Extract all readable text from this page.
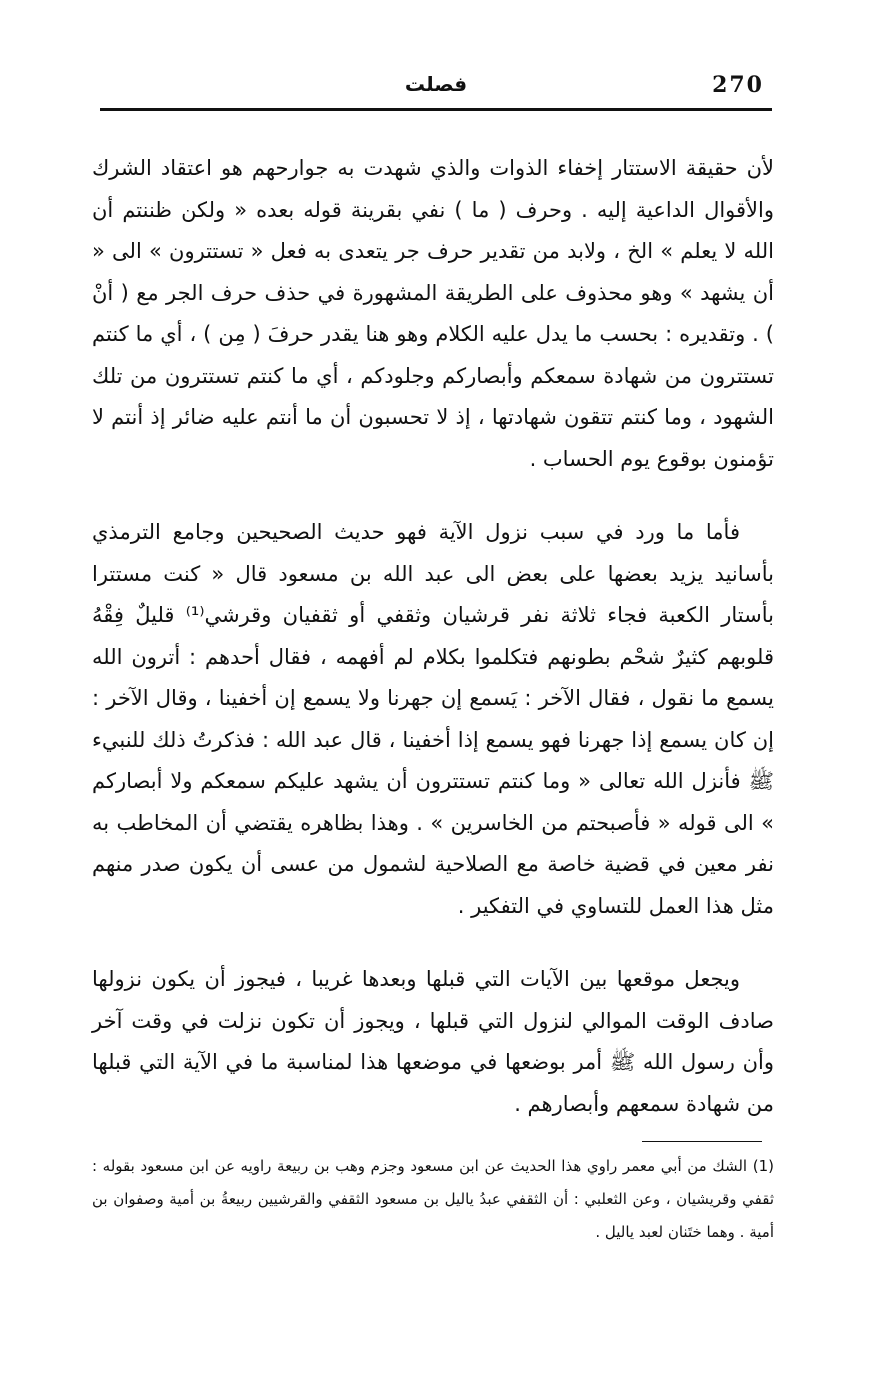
270
فصلت

لأن حقيقة الاستتار إخفاء الذوات والذي شهدت به جوارحهم هو اعتقاد الشرك والأقوال الداعية إليه . وحرف ( ما ) نفي بقرينة قوله بعده « ولكن ظننتم أن الله لا يعلم » الخ ، ولابد من تقدير حرف جر يتعدى به فعل « تستترون » الى « أن يشهد » وهو محذوف على الطريقة المشهورة في حذف حرف الجر مع ( أنْ ) . وتقديره : بحسب ما يدل عليه الكلام وهو هنا يقدر حرفَ ( مِن ) ، أي ما كنتم تستترون من شهادة سمعكم وأبصاركم وجلودكم ، أي ما كنتم تستترون من تلك الشهود ، وما كنتم تتقون شهادتها ، إذ لا تحسبون أن ما أنتم عليه ضائر إذ أنتم لا تؤمنون بوقوع يوم الحساب .

فأما ما ورد في سبب نزول الآية فهو حديث الصحيحين وجامع الترمذي بأسانيد يزيد بعضها على بعض الى عبد الله بن مسعود قال « كنت مستترا بأستار الكعبة فجاء ثلاثة نفر قرشيان وثقفي أو ثقفيان وقرشي⁽¹⁾ قليلٌ فِقْهُ قلوبهم كثيرٌ شحْم بطونهم فتكلموا بكلام لم أفهمه ، فقال أحدهم : أترون الله يسمع ما نقول ، فقال الآخر : يَسمع إن جهرنا ولا يسمع إن أخفينا ، وقال الآخر : إن كان يسمع إذا جهرنا فهو يسمع إذا أخفينا ، قال عبد الله : فذكرتُ ذلك للنبيء ﷺ فأنزل الله تعالى « وما كنتم تستترون أن يشهد عليكم سمعكم ولا أبصاركم » الى قوله « فأصبحتم من الخاسرين » . وهذا بظاهره يقتضي أن المخاطب به نفر معين في قضية خاصة مع الصلاحية لشمول من عسى أن يكون صدر منهم مثل هذا العمل للتساوي في التفكير .

ويجعل موقعها بين الآيات التي قبلها وبعدها غريبا ، فيجوز أن يكون نزولها صادف الوقت الموالي لنزول التي قبلها ، ويجوز أن تكون نزلت في وقت آخر وأن رسول الله ﷺ أمر بوضعها في موضعها هذا لمناسبة ما في الآية التي قبلها من شهادة سمعهم وأبصارهم .

(1) الشك من أبي معمر راوي هذا الحديث عن ابن مسعود وجزم وهب بن ربيعة راويه عن ابن مسعود بقوله : ثقفي وقريشيان ، وعن الثعلبي : أن الثقفي عبدُ ياليل بن مسعود الثقفي والقرشيين ربيعةُ بن أمية وصفوان بن أمية . وهما ختَنان لعبد ياليل .
